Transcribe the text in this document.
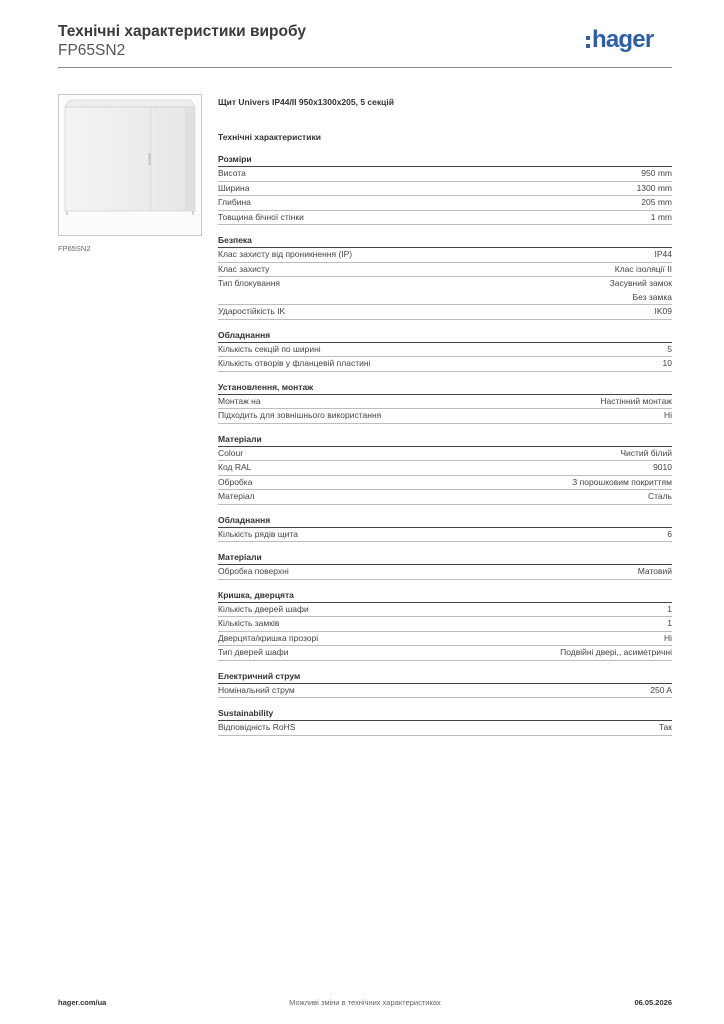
Технічні характеристики виробу
FP65SN2	hager
FP65SN2
Щит Univers IP44/II 950x1300x205, 5 секцій
Технічні характеристики
Розміри
Висота	950 mm
Ширина	1300 mm
Глибина	205 mm
Товщина бічної стінки	1 mm
Безпека
Клас захисту від проникнення (IP)	IP44
Клас захисту	Клас ізоляції II
Тип блокування	Засувний замок
Без замка
Ударостійкість IK	IK09
Обладнання
Кількість секцій по ширині	5
Кількість отворів у фланцевій пластині	10
Установлення, монтаж
Монтаж на	Настінний монтаж
Підходить для зовнішнього використання	Ні
Матеріали
Colour	Чистий білий
Код RAL	9010
Обробка	З порошковим покриттям
Матеріал	Сталь
Обладнання
Кількість рядів щита	6
Матеріали
Обробка поверхні	Матовий
Кришка, дверцята
Кількість дверей шафи	1
Кількість замків	1
Дверцята/кришка прозорі	Ні
Тип дверей шафи	Подвійні двері,, асиметричні
Електричний струм
Номінальний струм	250 A
Sustainability
Відповідність RoHS	Так
hager.com/ua	Можливі зміни в технічних характеристиках	06.05.2026
